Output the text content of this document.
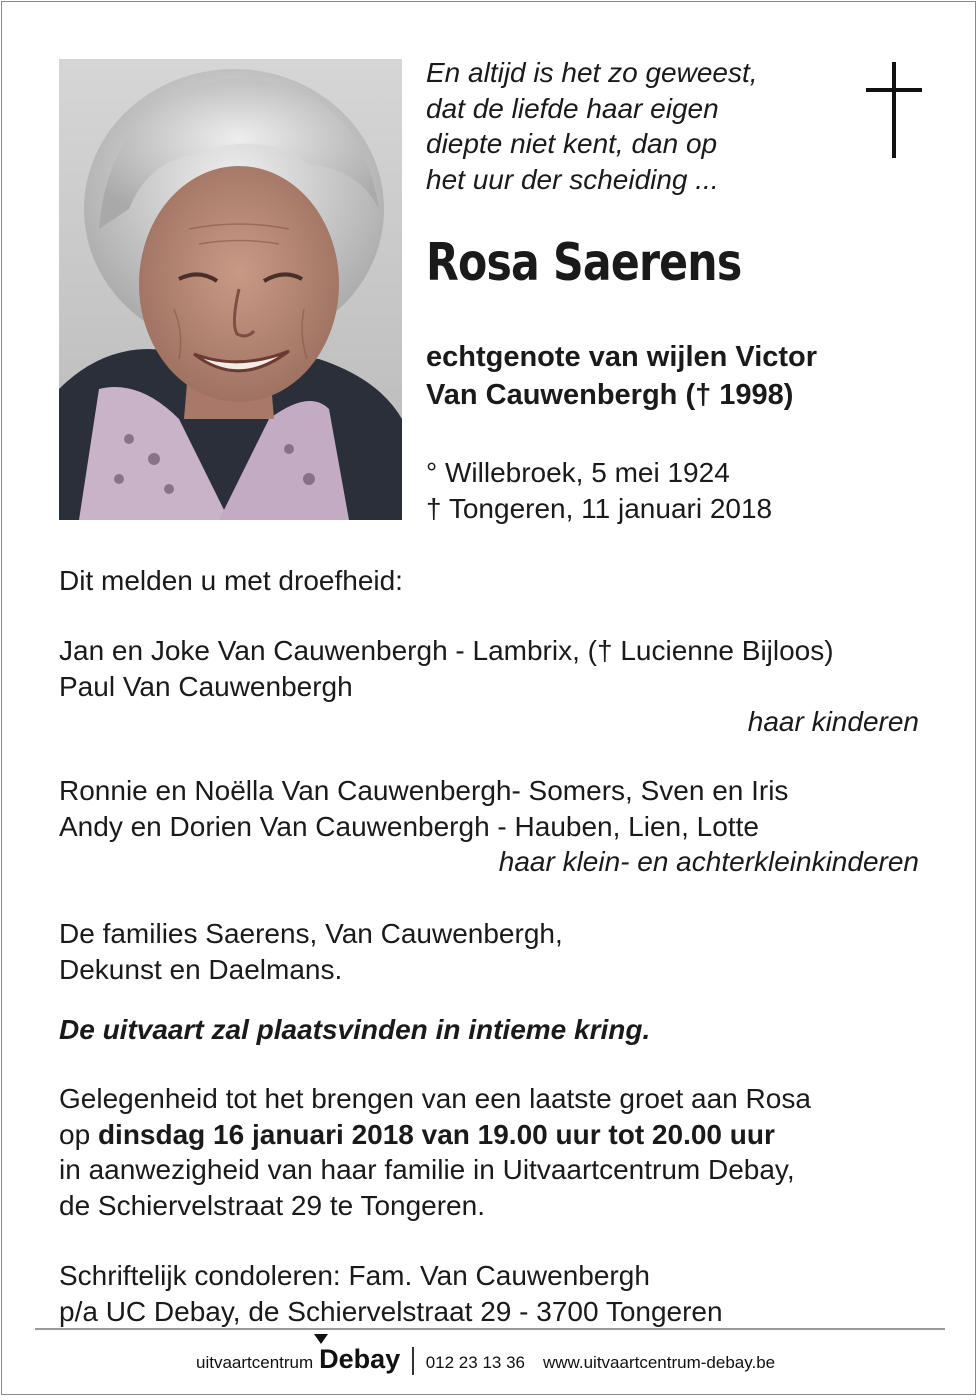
En altijd is het zo geweest,
dat de liefde haar eigen
diepte niet kent, dan op
het uur der scheiding ...
Rosa Saerens
echtgenote van wijlen Victor
Van Cauwenbergh († 1998)
° Willebroek, 5 mei 1924
† Tongeren, 11 januari 2018
Dit melden u met droefheid:
Jan en Joke Van Cauwenbergh - Lambrix, († Lucienne Bijloos)
Paul Van Cauwenbergh
haar kinderen
Ronnie en Noëlla Van Cauwenbergh- Somers, Sven en Iris
Andy en Dorien Van Cauwenbergh - Hauben, Lien, Lotte
haar klein- en achterkleinkinderen
De families Saerens, Van Cauwenbergh,
Dekunst en Daelmans.
De uitvaart zal plaatsvinden in intieme kring.
Gelegenheid tot het brengen van een laatste groet aan Rosa
op dinsdag 16 januari 2018 van 19.00 uur tot 20.00 uur
in aanwezigheid van haar familie in Uitvaartcentrum Debay,
de Schiervelstraat 29 te Tongeren.
Schriftelijk condoleren: Fam. Van Cauwenbergh
p/a UC Debay, de Schiervelstraat 29 - 3700 Tongeren
uitvaartcentrum Debay 012 23 13 36 www.uitvaartcentrum-debay.be
